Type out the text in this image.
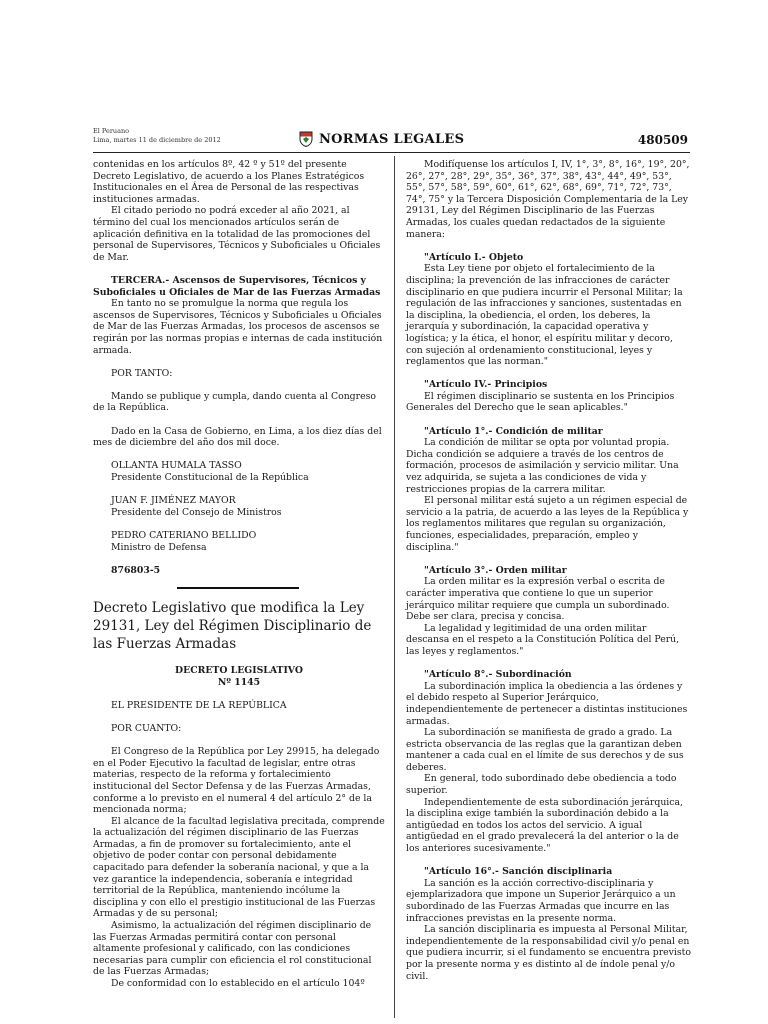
El Peruano
Lima, martes 11 de diciembre de 2012	NORMAS LEGALES	480509

contenidas en los artículos 8º, 42 º y 51º del presente Decreto Legislativo, de acuerdo a los Planes Estratégicos Institucionales en el Área de Personal de las respectivas instituciones armadas.

El citado periodo no podrá exceder al año 2021, al término del cual los mencionados artículos serán de aplicación definitiva en la totalidad de las promociones del personal de Supervisores, Técnicos y Suboficiales u Oficiales de Mar.

TERCERA.- Ascensos de Supervisores, Técnicos y Suboficiales u Oficiales de Mar de las Fuerzas Armadas

En tanto no se promulgue la norma que regula los ascensos de Supervisores, Técnicos y Suboficiales u Oficiales de Mar de las Fuerzas Armadas, los procesos de ascensos se regirán por las normas propias e internas de cada institución armada.

POR TANTO:

Mando se publique y cumpla, dando cuenta al Congreso de la República.

Dado en la Casa de Gobierno, en Lima, a los diez días del mes de diciembre del año dos mil doce.

OLLANTA HUMALA TASSO

Presidente Constitucional de la República

JUAN F. JIMÉNEZ MAYOR

Presidente del Consejo de Ministros

PEDRO CATERIANO BELLIDO

Ministro de Defensa

876803-5

Decreto Legislativo que modifica la Ley 29131, Ley del Régimen Disciplinario de las Fuerzas Armadas

DECRETO LEGISLATIVO

Nº 1145

EL PRESIDENTE DE LA REPÚBLICA

POR CUANTO:

El Congreso de la República por Ley 29915, ha delegado en el Poder Ejecutivo la facultad de legislar, entre otras materias, respecto de la reforma y fortalecimiento institucional del Sector Defensa y de las Fuerzas Armadas, conforme a lo previsto en el numeral 4 del artículo 2° de la mencionada norma;

El alcance de la facultad legislativa precitada, comprende la actualización del régimen disciplinario de las Fuerzas Armadas, a fin de promover su fortalecimiento, ante el objetivo de poder contar con personal debidamente capacitado para defender la soberanía nacional, y que a la vez garantice la independencia, soberanía e integridad territorial de la República, manteniendo incólume la disciplina y con ello el prestigio institucional de las Fuerzas Armadas y de su personal;

Asimismo, la actualización del régimen disciplinario de las Fuerzas Armadas permitirá contar con personal altamente profesional y calificado, con las condiciones necesarias para cumplir con eficiencia el rol constitucional de las Fuerzas Armadas;

De conformidad con lo establecido en el artículo 104º

Modifíquense los artículos I, IV, 1°, 3°, 8°, 16°, 19°, 20°, 26°, 27°, 28°, 29°, 35°, 36°, 37°, 38°, 43°, 44°, 49°, 53°, 55°, 57°, 58°, 59°, 60°, 61°, 62°, 68°, 69°, 71°, 72°, 73°, 74°, 75° y la Tercera Disposición Complementaria de la Ley 29131, Ley del Régimen Disciplinario de las Fuerzas Armadas, los cuales quedan redactados de la siguiente manera:

"Artículo I.- Objeto

Esta Ley tiene por objeto el fortalecimiento de la disciplina; la prevención de las infracciones de carácter disciplinario en que pudiera incurrir el Personal Militar; la regulación de las infracciones y sanciones, sustentadas en la disciplina, la obediencia, el orden, los deberes, la jerarquía y subordinación, la capacidad operativa y logística; y la ética, el honor, el espíritu militar y decoro, con sujeción al ordenamiento constitucional, leyes y reglamentos que las norman."

"Artículo IV.- Principios

El régimen disciplinario se sustenta en los Principios Generales del Derecho que le sean aplicables."

"Artículo 1°.- Condición de militar

La condición de militar se opta por voluntad propia. Dicha condición se adquiere a través de los centros de formación, procesos de asimilación y servicio militar. Una vez adquirida, se sujeta a las condiciones de vida y restricciones propias de la carrera militar.

El personal militar está sujeto a un régimen especial de servicio a la patria, de acuerdo a las leyes de la República y los reglamentos militares que regulan su organización, funciones, especialidades, preparación, empleo y disciplina."

"Artículo 3°.- Orden militar

La orden militar es la expresión verbal o escrita de carácter imperativa que contiene lo que un superior jerárquico militar requiere que cumpla un subordinado. Debe ser clara, precisa y concisa.

La legalidad y legitimidad de una orden militar descansa en el respeto a la Constitución Política del Perú, las leyes y reglamentos."

"Artículo 8°.- Subordinación

La subordinación implica la obediencia a las órdenes y el debido respeto al Superior Jerárquico, independientemente de pertenecer a distintas instituciones armadas.

La subordinación se manifiesta de grado a grado. La estricta observancia de las reglas que la garantizan deben mantener a cada cual en el límite de sus derechos y de sus deberes.

En general, todo subordinado debe obediencia a todo superior.

Independientemente de esta subordinación jerárquica, la disciplina exige también la subordinación debido a la antigüedad en todos los actos del servicio. A igual antigüedad en el grado prevalecerá la del anterior o la de los anteriores sucesivamente."

"Artículo 16°.- Sanción disciplinaria

La sanción es la acción correctivo-disciplinaria y ejemplarizadora que impone un Superior Jerárquico a un subordinado de las Fuerzas Armadas que incurre en las infracciones previstas en la presente norma.

La sanción disciplinaria es impuesta al Personal Militar, independientemente de la responsabilidad civil y/o penal en que pudiera incurrir, si el fundamento se encuentra previsto por la presente norma y es distinto al de índole penal y/o civil.
